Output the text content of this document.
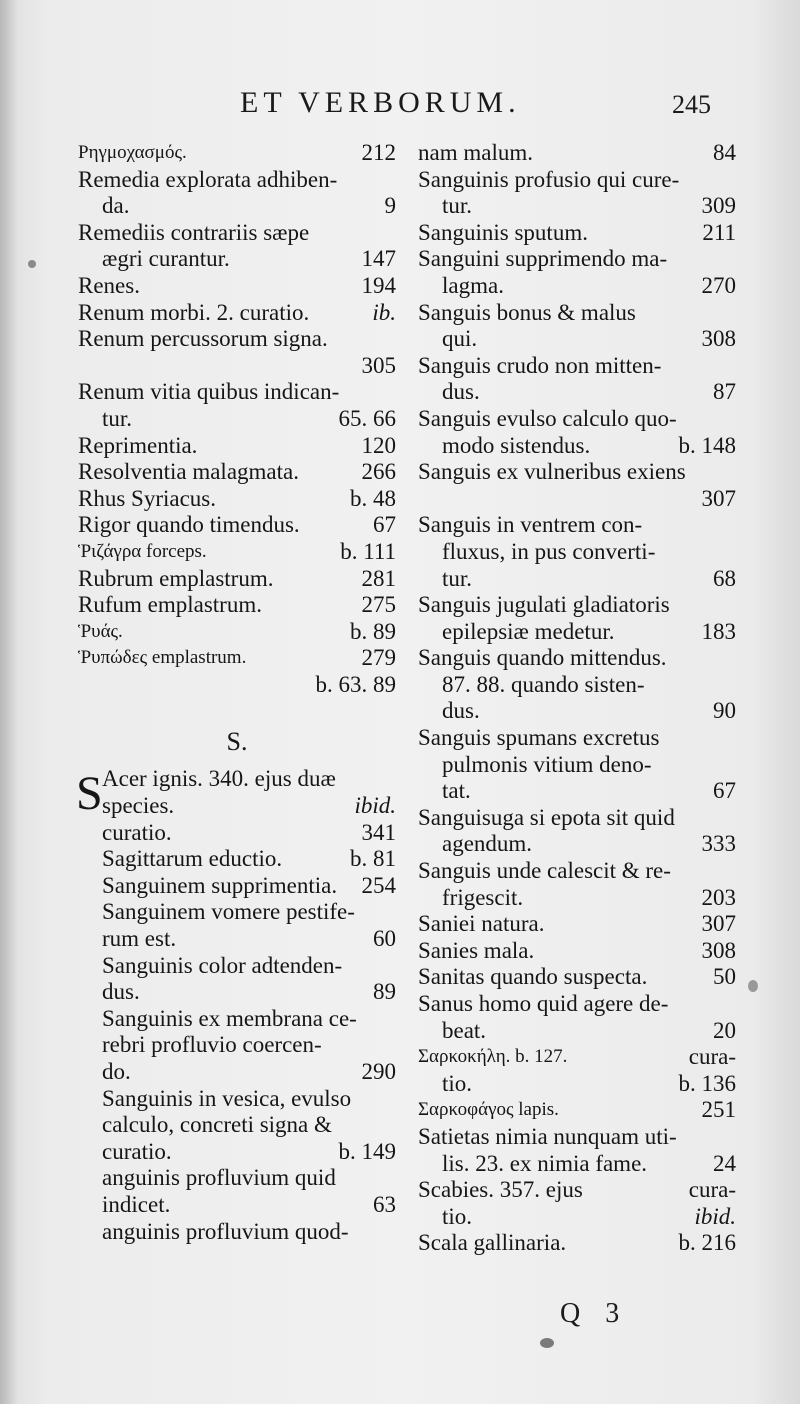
ET VERBORUM.	245
Ρηγμοχασμός.	212
Remedia explorata adhiben-
da.	9
Remediis contrariis sæpe
ægri curantur.	147
Renes.	194
Renum morbi. 2. curatio.	ib.
Renum percussorum signa.
305
Renum vitia quibus indican-
tur.	65. 66
Reprimentia.	120
Resolventia malagmata.	266
Rhus Syriacus.	b. 48
Rigor quando timendus.	67
Ῥιζάγρα forceps.	b. 111
Rubrum emplastrum.	281
Rufum emplastrum.	275
Ῥυάς.	b. 89
Ῥυπώδες emplastrum.	279
b. 63. 89
S.
S Acer ignis. 340. ejus duæ
species.	ibid.
curatio.	341
Sagittarum eductio.	b. 81
Sanguinem supprimentia.	254
Sanguinem vomere pestife-
rum est.	60
Sanguinis color adtenden-
dus.	89
Sanguinis ex membrana ce-
rebri profluvio coercen-
do.	290
Sanguinis in vesica, evulso
calculo, concreti signa &
curatio.	b. 149
anguinis profluvium quid
indicet.	63
anguinis profluvium quod-
nam malum.	84
Sanguinis profusio qui cure-
tur.	309
Sanguinis sputum.	211
Sanguini supprimendo ma-
lagma.	270
Sanguis bonus & malus
qui.	308
Sanguis crudo non mitten-
dus.	87
Sanguis evulso calculo quo-
modo sistendus.	b. 148
Sanguis ex vulneribus exiens
307
Sanguis in ventrem con-
fluxus, in pus converti-
tur.	68
Sanguis jugulati gladiatoris
epilepsiæ medetur.	183
Sanguis quando mittendus.
87. 88. quando sisten-
dus.	90
Sanguis spumans excretus
pulmonis vitium deno-
tat.	67
Sanguisuga si epota sit quid
agendum.	333
Sanguis unde calescit & re-
frigescit.	203
Saniei natura.	307
Sanies mala.	308
Sanitas quando suspecta.	50
Sanus homo quid agere de-
beat.	20
Σαρκοκήλη. b. 127.	cura-
tio.	b. 136
Σαρκοφάγος lapis.	251
Satietas nimia nunquam uti-
lis. 23. ex nimia fame.	24
Scabies. 357. ejus	cura-
tio.	ibid.
Scala gallinaria.	b. 216
Q 3
